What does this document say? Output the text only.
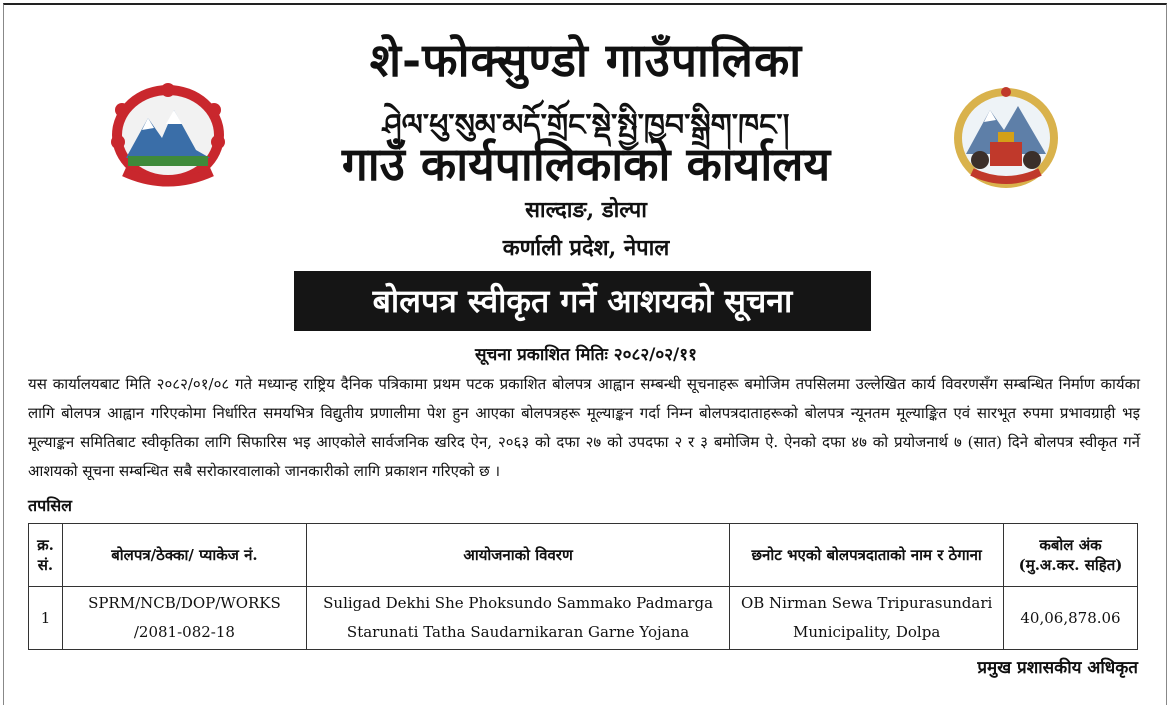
शे-फोक्सुण्डो गाउँपालिका
ཤེལ་ཕུ་སུམ་མདོ་གྲོང་སྡེ་སྤྱི་ཁྱབ་སྒྲིག་ཁང་།
गाउँ कार्यपालिकाको कार्यालय
साल्दाङ, डोल्पा
कर्णाली प्रदेश, नेपाल
बोलपत्र स्वीकृत गर्ने आशयको सूचना
सूचना प्रकाशित मितिः २०८२/०२/११
यस कार्यालयबाट मिति २०८२/०१/०८ गते मध्यान्ह राष्ट्रिय दैनिक पत्रिकामा प्रथम पटक प्रकाशित बोलपत्र आह्वान सम्बन्धी सूचनाहरू बमोजिम तपसिलमा उल्लेखित कार्य विवरणसँग सम्बन्धित निर्माण कार्यका लागि बोलपत्र आह्वान गरिएकोमा निर्धारित समयभित्र विद्युतीय प्रणालीमा पेश हुन आएका बोलपत्रहरू मूल्याङ्कन गर्दा निम्न बोलपत्रदाताहरूको बोलपत्र न्यूनतम मूल्याङ्कित एवं सारभूत रुपमा प्रभावग्राही भइ मूल्याङ्कन समितिबाट स्वीकृतिका लागि सिफारिस भइ आएकोले सार्वजनिक खरिद ऐन, २०६३ को दफा २७ को उपदफा २ र ३ बमोजिम ऐ. ऐनको दफा ४७ को प्रयोजनार्थ ७ (सात) दिने बोलपत्र स्वीकृत गर्ने आशयको सूचना सम्बन्धित सबै सरोकारवालाको जानकारीको लागि प्रकाशन गरिएको छ ।
तपसिल
क्र. सं.	बोलपत्र/ठेक्का/ प्याकेज नं.	आयोजनाको विवरण	छनोट भएको बोलपत्रदाताको नाम र ठेगाना	कबोल अंक (मु.अ.कर. सहित)
1	SPRM/NCB/DOP/WORKS /2081-082-18	Suligad Dekhi She Phoksundo Sammako Padmarga Starunati Tatha Saudarnikaran Garne Yojana	OB Nirman Sewa Tripurasundari Municipality, Dolpa	40,06,878.06
प्रमुख प्रशासकीय अधिकृत
